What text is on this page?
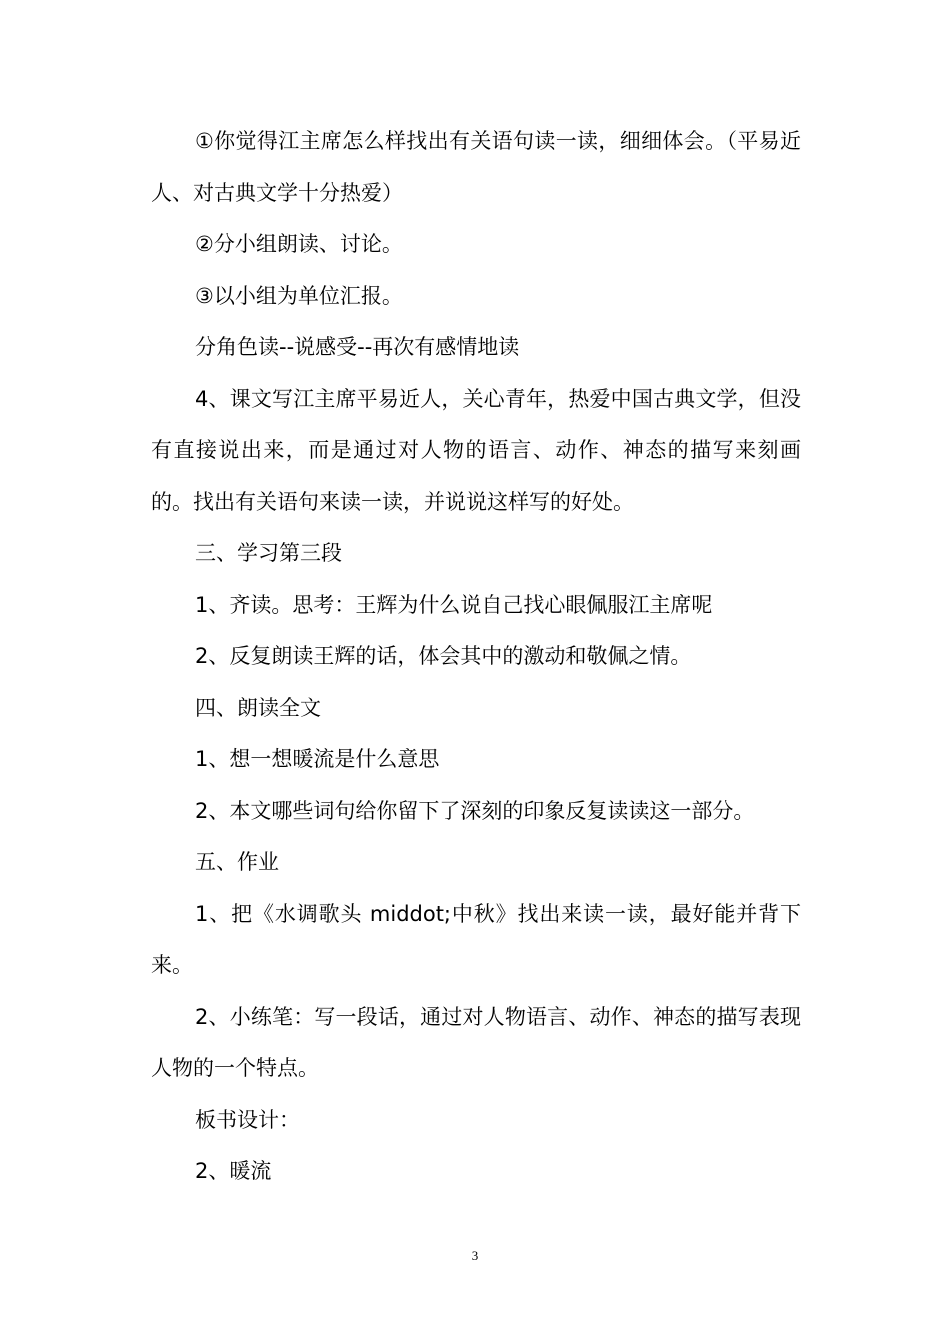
①你觉得江主席怎么样找出有关语句读一读，细细体会。（平易近人、对古典文学十分热爱）

②分小组朗读、讨论。

③以小组为单位汇报。

分角色读--说感受--再次有感情地读

4、课文写江主席平易近人，关心青年，热爱中国古典文学，但没有直接说出来，而是通过对人物的语言、动作、神态的描写来刻画的。找出有关语句来读一读，并说说这样写的好处。

三、学习第三段

1、齐读。思考：王辉为什么说自己找心眼佩服江主席呢

2、反复朗读王辉的话，体会其中的激动和敬佩之情。

四、朗读全文

1、想一想暖流是什么意思

2、本文哪些词句给你留下了深刻的印象反复读读这一部分。

五、作业

1、把《水调歌头 middot;中秋》找出来读一读，最好能并背下来。

2、小练笔：写一段话，通过对人物语言、动作、神态的描写表现人物的一个特点。

板书设计：

2、暖流

3
